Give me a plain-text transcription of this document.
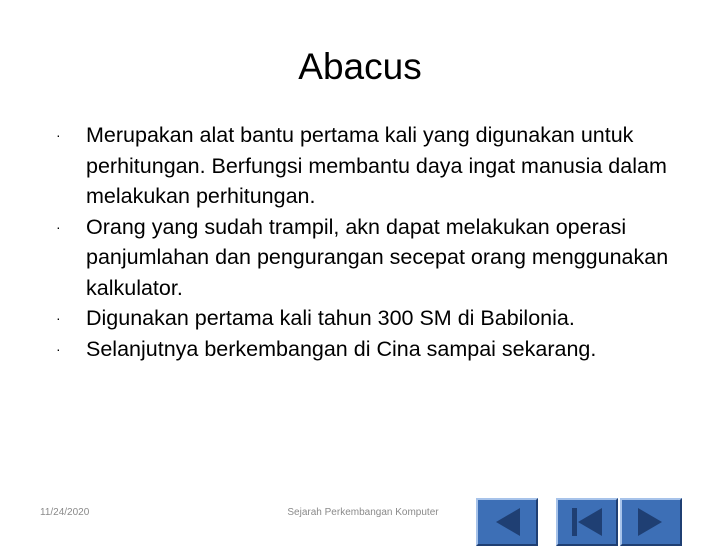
Abacus
· Merupakan alat bantu pertama kali yang digunakan untuk perhitungan. Berfungsi membantu daya ingat manusia dalam melakukan perhitungan.
· Orang yang sudah trampil, akn dapat melakukan operasi panjumlahan dan pengurangan secepat orang menggunakan kalkulator.
· Digunakan pertama kali tahun 300 SM di Babilonia.
· Selanjutnya berkembangan di Cina sampai sekarang.
11/24/2020	Sejarah Perkembangan Komputer
